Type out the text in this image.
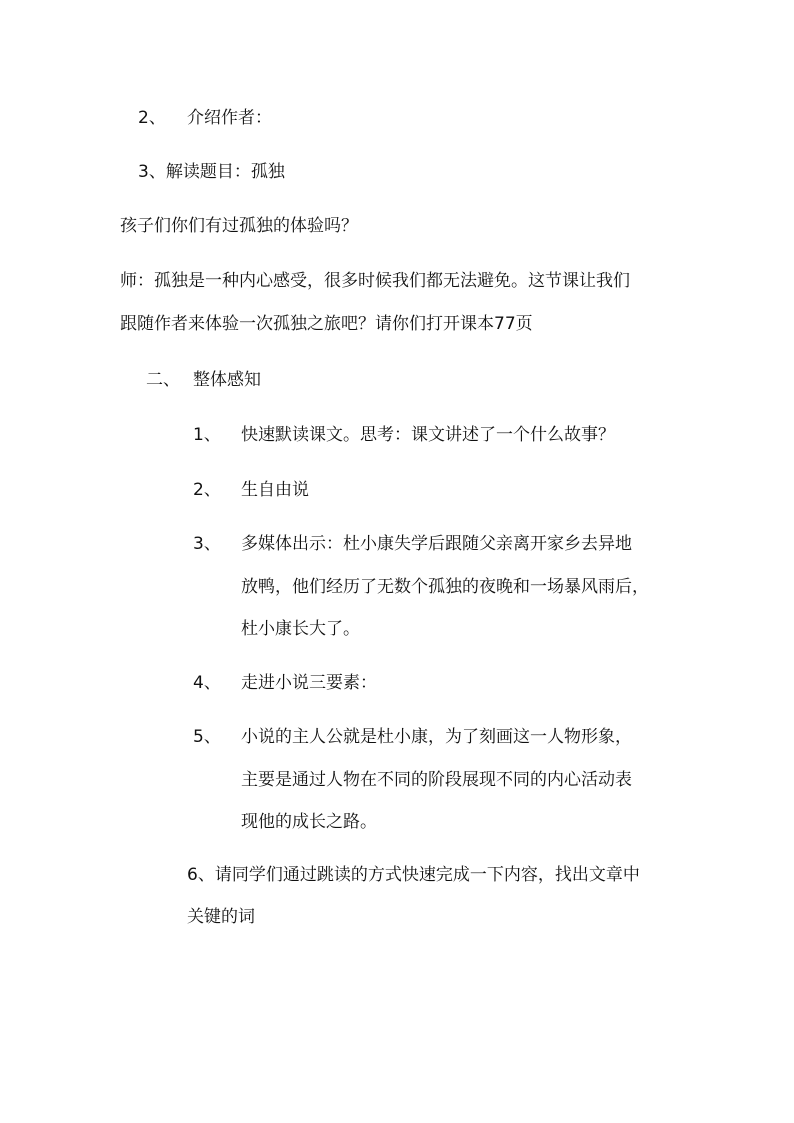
2、 介绍作者：
3、解读题目：孤独
孩子们你们有过孤独的体验吗？
师：孤独是一种内心感受，很多时候我们都无法避免。这节课让我们
跟随作者来体验一次孤独之旅吧？请你们打开课本77页
二、 整体感知
1、 快速默读课文。思考：课文讲述了一个什么故事？
2、 生自由说
3、 多媒体出示：杜小康失学后跟随父亲离开家乡去异地
放鸭，他们经历了无数个孤独的夜晚和一场暴风雨后，
杜小康长大了。
4、 走进小说三要素：
5、 小说的主人公就是杜小康，为了刻画这一人物形象，
主要是通过人物在不同的阶段展现不同的内心活动表
现他的成长之路。
6、请同学们通过跳读的方式快速完成一下内容，找出文章中
关键的词
